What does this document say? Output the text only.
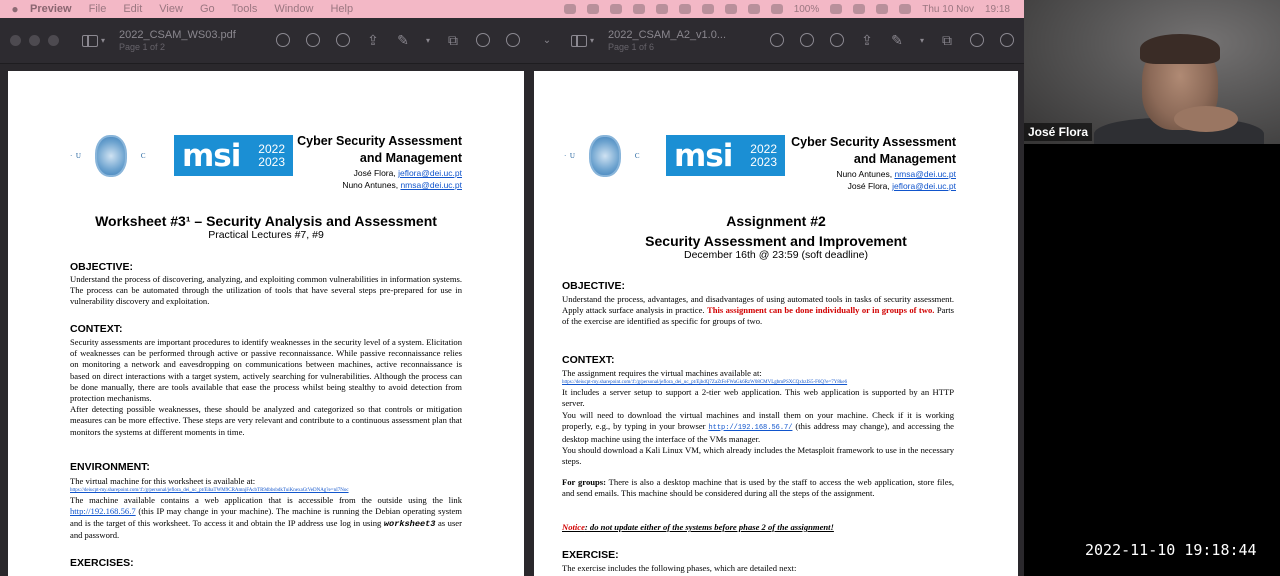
●	Preview File Edit View Go Tools Window Help	100%	Thu 10 Nov 19:18
▾ 2022_CSAM_WS03.pdf
Page 1 of 2	⇪ ✎ ▾ ⧉
·  U	C msi 2022
2023
Cyber Security Assessment
and Management
José Flora, jeflora@dei.uc.pt
Nuno Antunes, nmsa@dei.uc.pt
Worksheet #3¹ – Security Analysis and Assessment
Practical Lectures #7, #9
OBJECTIVE:
Understand the process of discovering, analyzing, and exploiting common vulnerabilities in information systems. The process can be automated through the utilization of tools that have several steps pre-prepared for use in vulnerability discovery and exploitation.
CONTEXT:
Security assessments are important procedures to identify weaknesses in the security level of a system. Elicitation of weaknesses can be performed through active or passive reconnaissance. While passive reconnaissance relies on monitoring a network and eavesdropping on communications between machines, active reconnaissance is based on direct interactions with a target system, actively searching for vulnerabilities. Although the process can be done manually, there are tools available that ease the process whilst being stealthy to avoid detection from protection mechanisms.
After detecting possible weaknesses, these should be analyzed and categorized so that controls or mitigation measures can be more effective. These steps are very relevant and contribute to a continuous assessment plan that monitors the systems at different moments in time.
ENVIRONMENT:
The virtual machine for this worksheet is available at:
https://deiucpt-my.sharepoint.com/:f:/g/personal/jeflora_dei_uc_pt/EibaTWM9CRAmnjFAcbTR9dbbsbdkTuiKnexaGtVeDNAg?e=nI7Noc
The machine available contains a web application that is accessible from the outside using the link http://192.168.56.7 (this IP may change in your machine). The machine is running the Debian operating system and is the target of this worksheet. To access it and obtain the IP address use log in using worksheet3 as user and password.
EXERCISES:
⌄	▾ 2022_CSAM_A2_v1.0...
Page 1 of 6	⇪ ✎ ▾ ⧉
·  U	C msi 2022
2023
Cyber Security Assessment
and Management
Nuno Antunes, nmsa@dei.uc.pt
José Flora, jeflora@dei.uc.pt
Assignment #2
Security Assessment and Improvement
December 16th @ 23:59 (soft deadline)
OBJECTIVE:
Understand the process, advantages, and disadvantages of using automated tools in tasks of security assessment. Apply attack surface analysis in practice. This assignment can be done individually or in groups of two. Parts of the exercise are identified as specific for groups of two.
CONTEXT:
The assignment requires the virtual machines available at:
https://deiucpt-my.sharepoint.com/:f:/g/personal/jeflora_dei_uc_pt/EjbdQ7ZaZtFeFWaGk6RzW08CMVLgbmPSXCQxhzIS5-F6Q?e=7Y8ke6
It includes a server setup to support a 2-tier web application. This web application is supported by an HTTP server.
You will need to download the virtual machines and install them on your machine. Check if it is working properly, e.g., by typing in your browser http://192.168.56.7/ (this address may change), and accessing the desktop machine using the interface of the VMs manager.
You should download a Kali Linux VM, which already includes the Metasploit framework to use in the necessary steps.
For groups: There is also a desktop machine that is used by the staff to access the web application, store files, and send emails. This machine should be considered during all the steps of the assignment.
Notice: do not update either of the systems before phase 2 of the assignment!
EXERCISE:
The exercise includes the following phases, which are detailed next:
José Flora
2022-11-10 19:18:44
